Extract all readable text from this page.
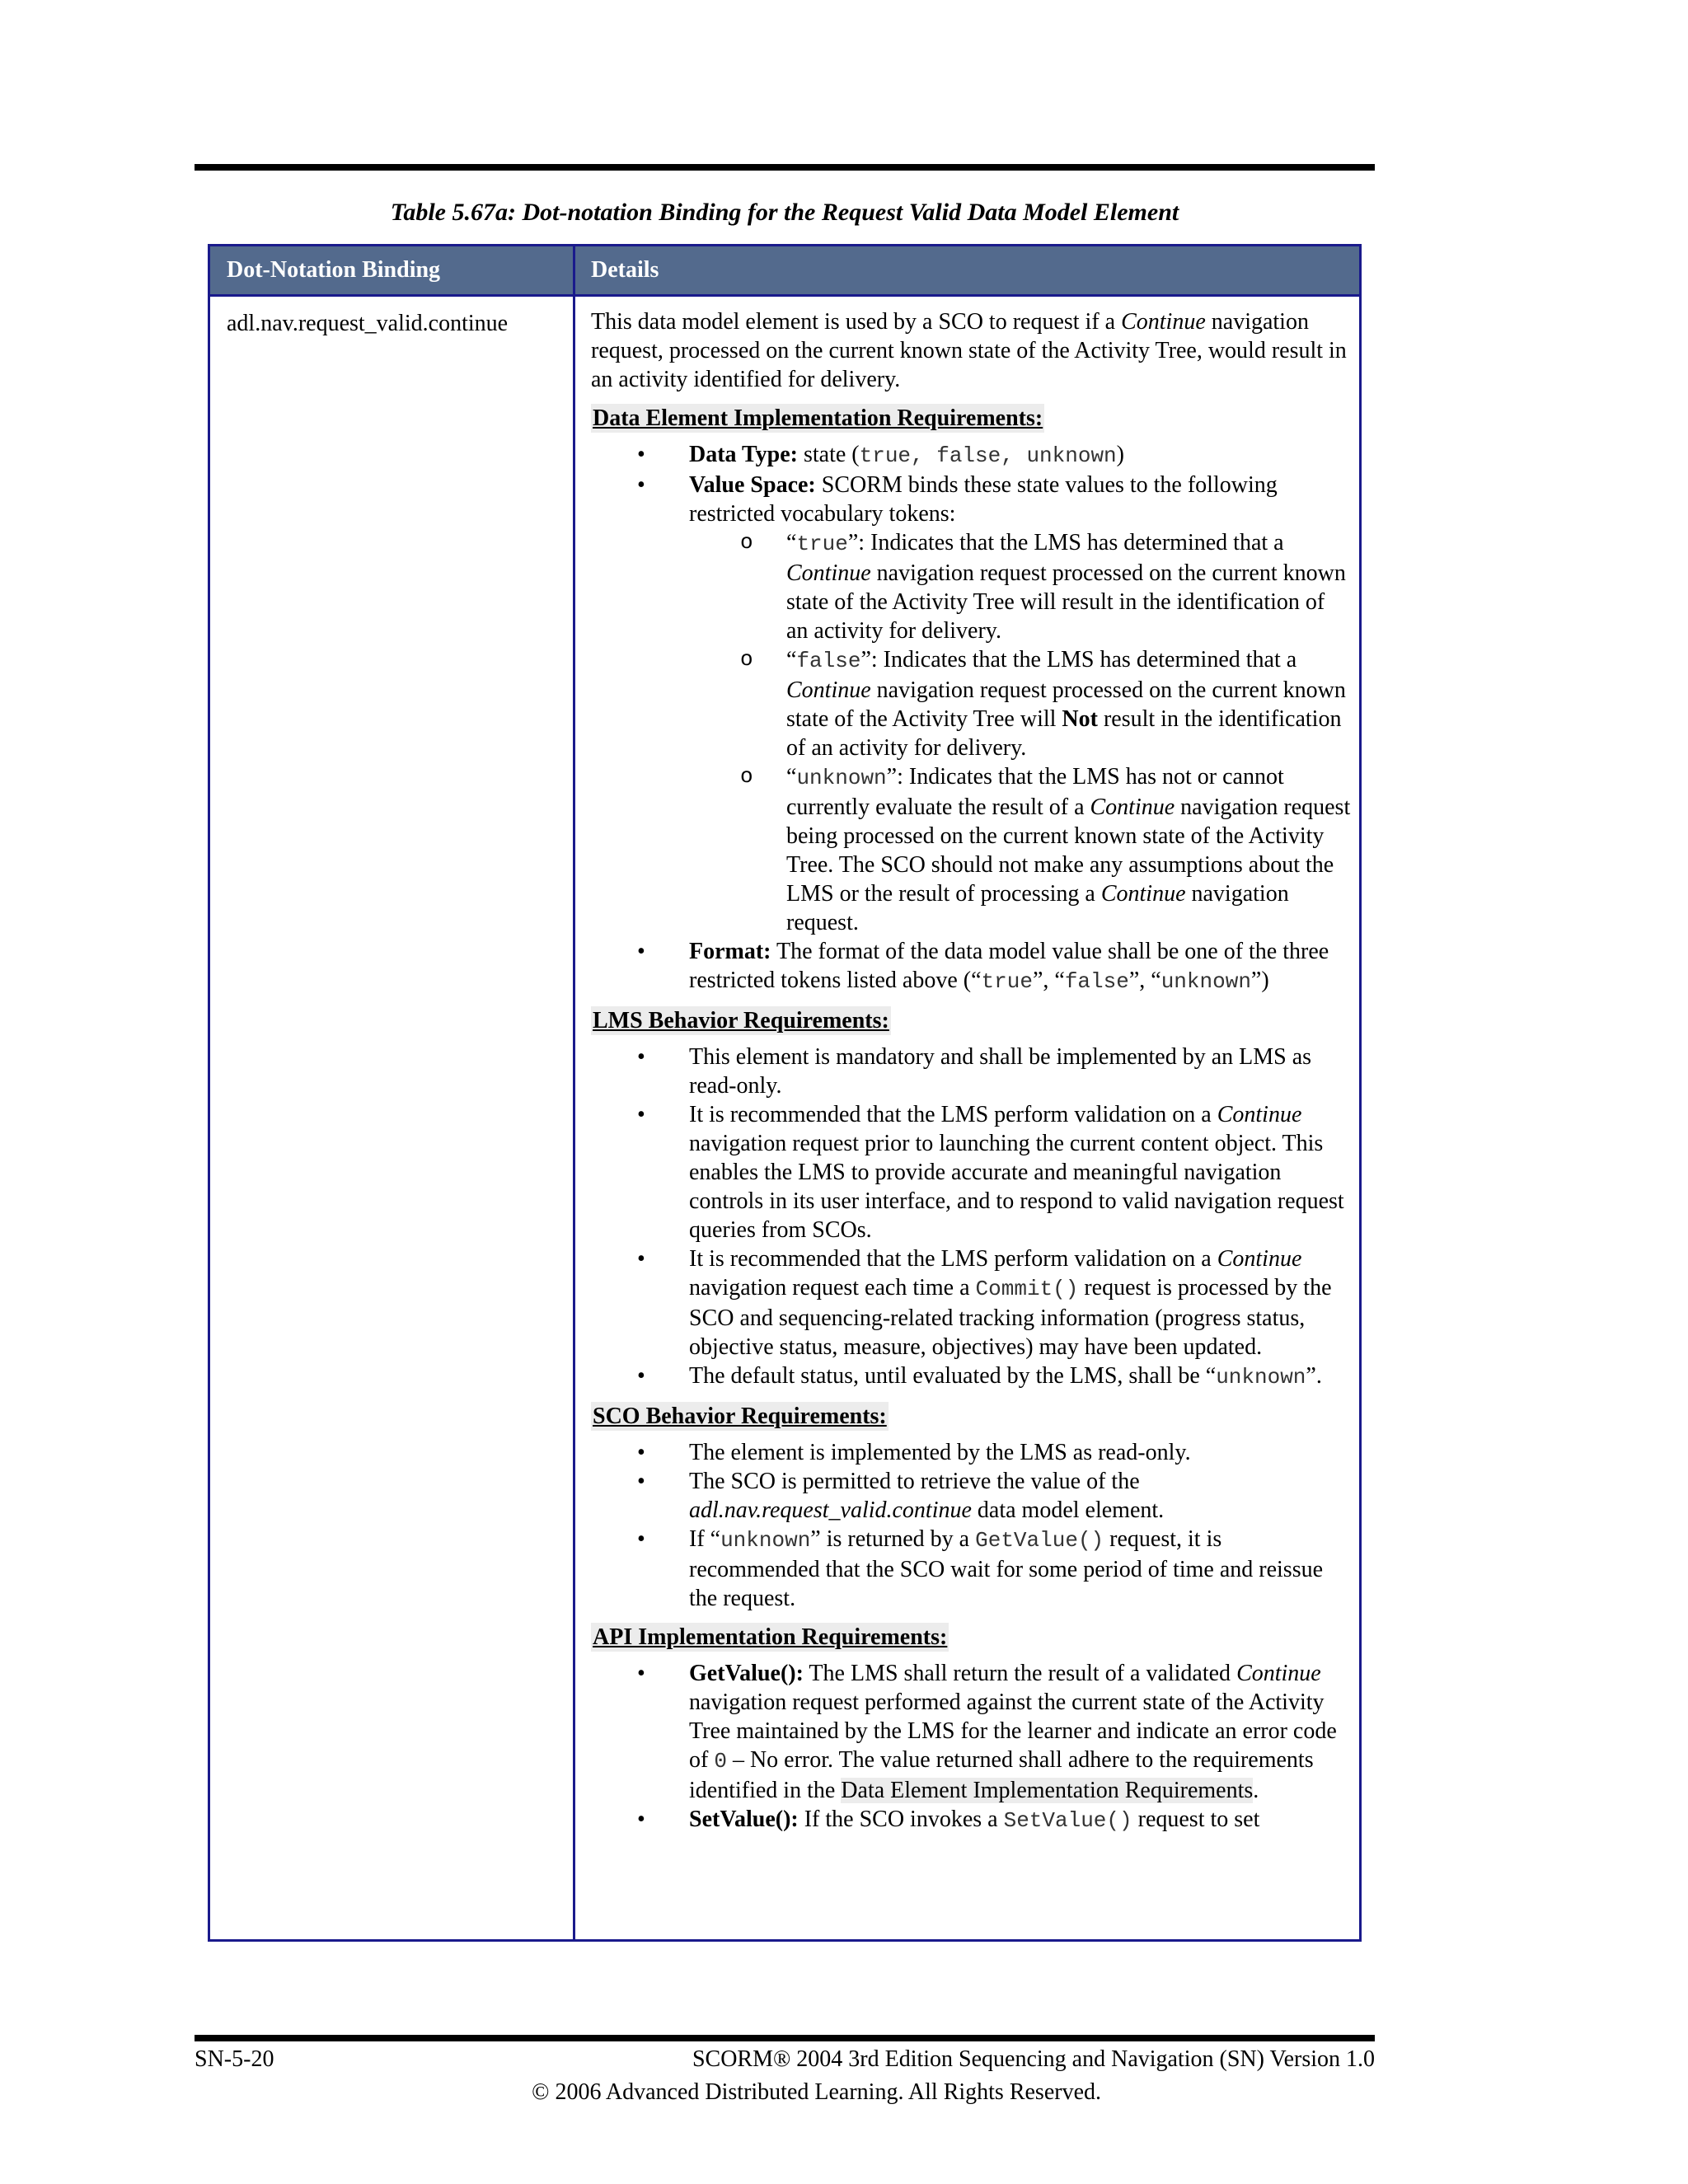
Table 5.67a: Dot-notation Binding for the Request Valid Data Model Element
Dot-Notation Binding	Details
adl.nav.request_valid.continue	This data model element is used by a SCO to request if a Continue navigation request, processed on the current known state of the Activity Tree, would result in an activity identified for delivery.

Data Element Implementation Requirements:
• Data Type: state (true, false, unknown)
• Value Space: SCORM binds these state values to the following restricted vocabulary tokens:
o “true”: Indicates that the LMS has determined that a Continue navigation request processed on the current known state of the Activity Tree will result in the identification of an activity for delivery.
o “false”: Indicates that the LMS has determined that a Continue navigation request processed on the current known state of the Activity Tree will Not result in the identification of an activity for delivery.
o “unknown”: Indicates that the LMS has not or cannot currently evaluate the result of a Continue navigation request being processed on the current known state of the Activity Tree. The SCO should not make any assumptions about the LMS or the result of processing a Continue navigation request.
• Format: The format of the data model value shall be one of the three restricted tokens listed above (“true”, “false”, “unknown”)
LMS Behavior Requirements:
• This element is mandatory and shall be implemented by an LMS as read-only.
• It is recommended that the LMS perform validation on a Continue navigation request prior to launching the current content object. This enables the LMS to provide accurate and meaningful navigation controls in its user interface, and to respond to valid navigation request queries from SCOs.
• It is recommended that the LMS perform validation on a Continue navigation request each time a Commit() request is processed by the SCO and sequencing-related tracking information (progress status, objective status, measure, objectives) may have been updated.
• The default status, until evaluated by the LMS, shall be “unknown”.
SCO Behavior Requirements:
• The element is implemented by the LMS as read-only.
• The SCO is permitted to retrieve the value of the adl.nav.request_valid.continue data model element.
• If “unknown” is returned by a GetValue() request, it is recommended that the SCO wait for some period of time and reissue the request.
API Implementation Requirements:
• GetValue(): The LMS shall return the result of a validated Continue navigation request performed against the current state of the Activity Tree maintained by the LMS for the learner and indicate an error code of 0 – No error. The value returned shall adhere to the requirements identified in the Data Element Implementation Requirements.
• SetValue(): If the SCO invokes a SetValue() request to set
SN-5-20	SCORM® 2004 3rd Edition Sequencing and Navigation (SN) Version 1.0
© 2006 Advanced Distributed Learning. All Rights Reserved.
